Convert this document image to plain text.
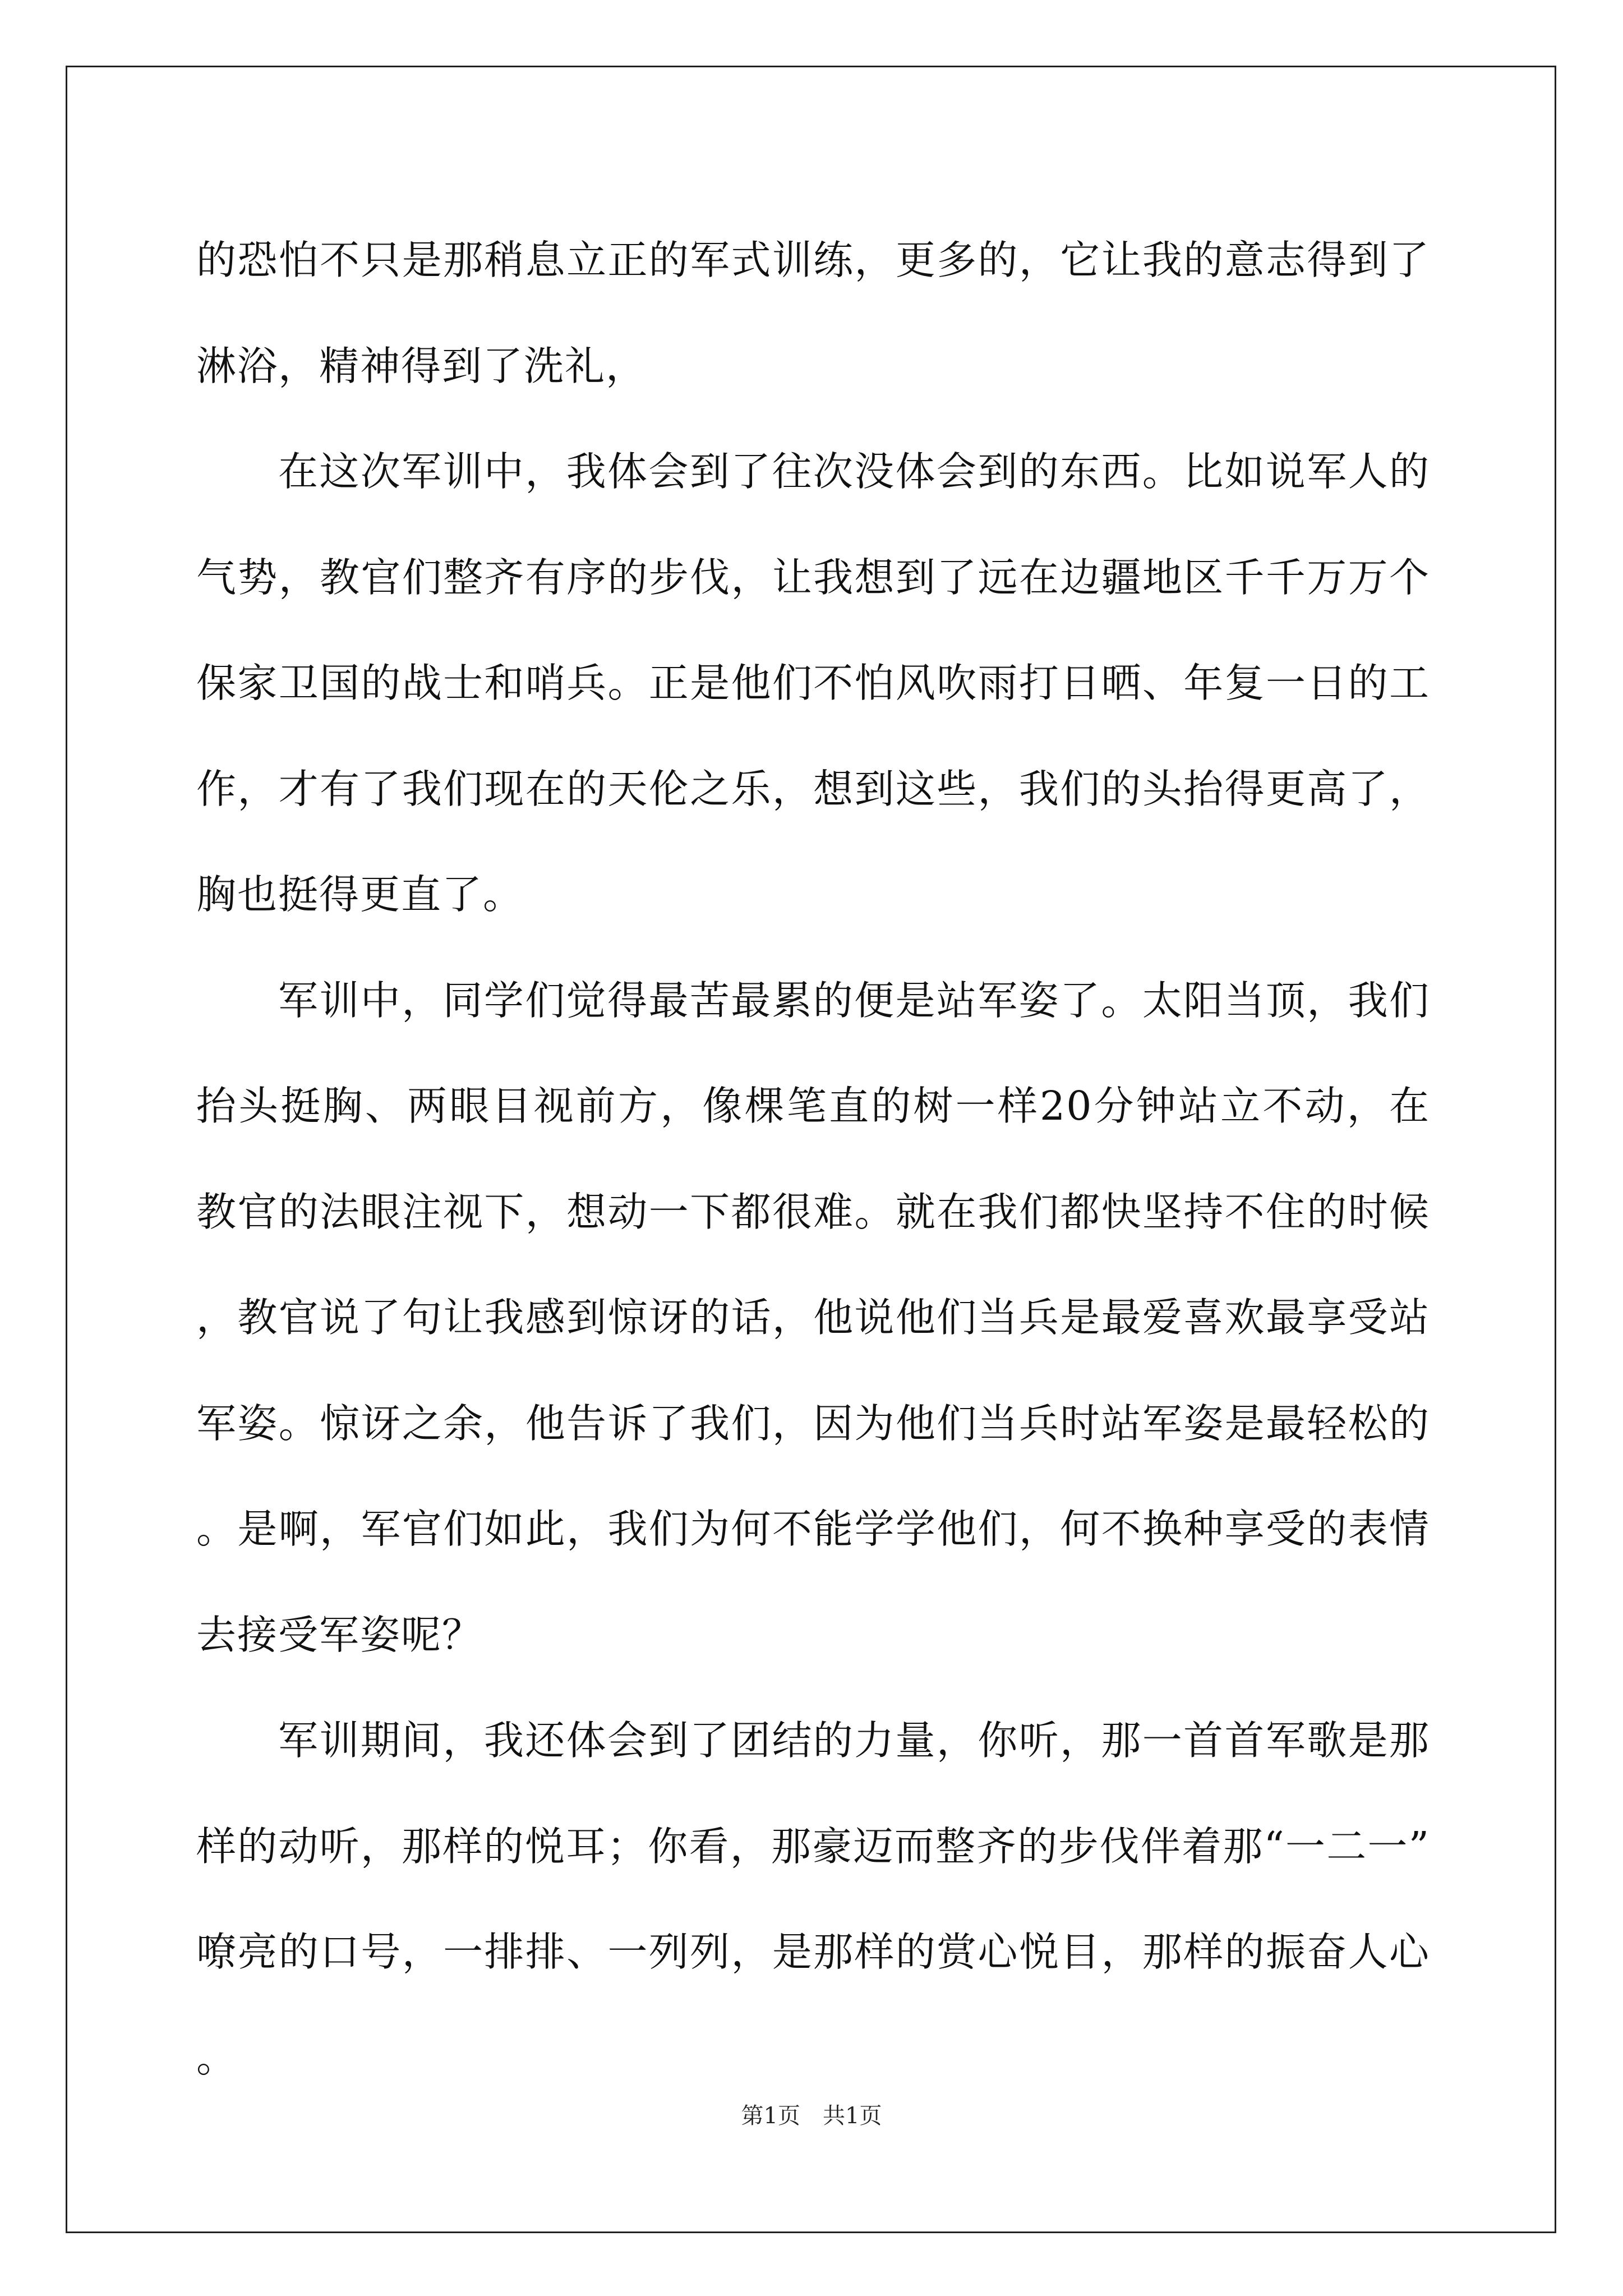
的恐怕不只是那稍息立正的军式训练，更多的，它让我的意志得到了淋浴，精神得到了洗礼，

在这次军训中，我体会到了往次没体会到的东西。比如说军人的气势，教官们整齐有序的步伐，让我想到了远在边疆地区千千万万个保家卫国的战士和哨兵。正是他们不怕风吹雨打日晒、年复一日的工作，才有了我们现在的天伦之乐，想到这些，我们的头抬得更高了，胸也挺得更直了。

军训中，同学们觉得最苦最累的便是站军姿了。太阳当顶，我们抬头挺胸、两眼目视前方，像棵笔直的树一样20分钟站立不动，在教官的法眼注视下，想动一下都很难。就在我们都快坚持不住的时候，教官说了句让我感到惊讶的话，他说他们当兵是最爱喜欢最享受站军姿。惊讶之余，他告诉了我们，因为他们当兵时站军姿是最轻松的。是啊，军官们如此，我们为何不能学学他们，何不换种享受的表情去接受军姿呢？

军训期间，我还体会到了团结的力量，你听，那一首首军歌是那样的动听，那样的悦耳；你看，那豪迈而整齐的步伐伴着那“一二一”嘹亮的口号，一排排、一列列，是那样的赏心悦目，那样的振奋人心。

第1页 共1页
